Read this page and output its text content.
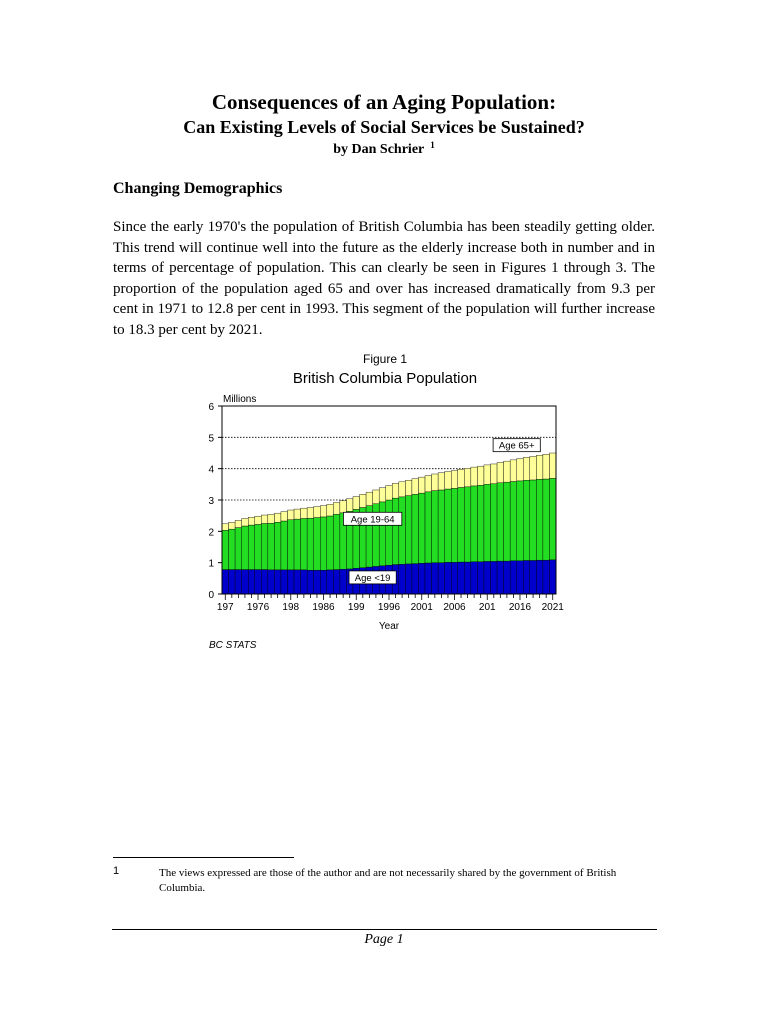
Consequences of an Aging Population:
Can Existing Levels of Social Services be Sustained?
by Dan Schrier $^1$
Changing Demographics

Since the early 1970's the population of British Columbia has been steadily getting older. This trend will continue well into the future as the elderly increase both in number and in terms of percentage of population. This can clearly be seen in Figures 1 through 3. The proportion of the population aged 65 and over has increased dramatically from 9.3 per cent in 1971 to 12.8 per cent in 1993. This segment of the population will further increase to 18.3 per cent by 2021.

Figure 1
British Columbia Population
Millions
Year
BC STATS
0
1
2
3
4
5
6
197 1976 198 1986 199 1996 2001 2006 201 2016 2021
Age 65+
Age 19-64
Age <19
1	The views expressed are those of the author and are not necessarily shared by the government of British Columbia.
Page 1
